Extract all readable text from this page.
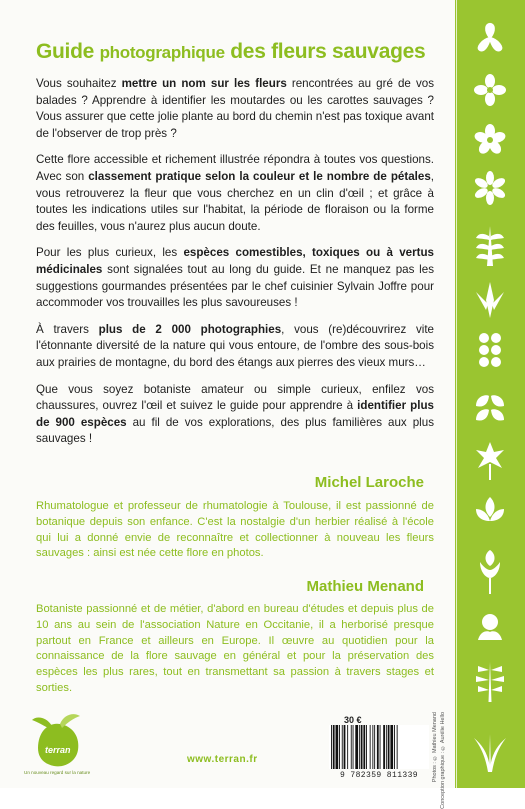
Guide photographique des fleurs sauvages

Vous souhaitez mettre un nom sur les fleurs rencontrées au gré de vos balades ? Apprendre à identifier les moutardes ou les carottes sauvages ? Vous assurer que cette jolie plante au bord du chemin n'est pas toxique avant de l'observer de trop près ?

Cette flore accessible et richement illustrée répondra à toutes vos questions. Avec son classement pratique selon la couleur et le nombre de pétales, vous retrouverez la fleur que vous cherchez en un clin d'œil ; et grâce à toutes les indications utiles sur l'habitat, la période de floraison ou la forme des feuilles, vous n'aurez plus aucun doute.

Pour les plus curieux, les espèces comestibles, toxiques ou à vertus médicinales sont signalées tout au long du guide. Et ne manquez pas les suggestions gourmandes présentées par le chef cuisinier Sylvain Joffre pour accommoder vos trouvailles les plus savoureuses !

À travers plus de 2 000 photographies, vous (re)découvrirez vite l'étonnante diversité de la nature qui vous entoure, de l'ombre des sous-bois aux prairies de montagne, du bord des étangs aux pierres des vieux murs…

Que vous soyez botaniste amateur ou simple curieux, enfilez vos chaussures, ouvrez l'œil et suivez le guide pour apprendre à identifier plus de 900 espèces au fil de vos explorations, des plus familières aux plus sauvages !

Michel Laroche
Rhumatologue et professeur de rhumatologie à Toulouse, il est passionné de botanique depuis son enfance. C'est la nostalgie d'un herbier réalisé à l'école qui lui a donné envie de reconnaître et collectionner à nouveau les fleurs sauvages : ainsi est née cette flore en photos.
Mathieu Menand
Botaniste passionné et de métier, d'abord en bureau d'études et depuis plus de 10 ans au sein de l'association Nature en Occitanie, il a herborisé presque partout en France et ailleurs en Europe. Il œuvre au quotidien pour la connaissance de la flore sauvage en général et pour la préservation des espèces les plus rares, tout en transmettant sa passion à travers stages et sorties.
terran
Un nouveau regard sur la nature
www.terran.fr
30 €
9 782359 811339	Photos : © Mathieu Menand Conception graphique : © Aurélie Hello
